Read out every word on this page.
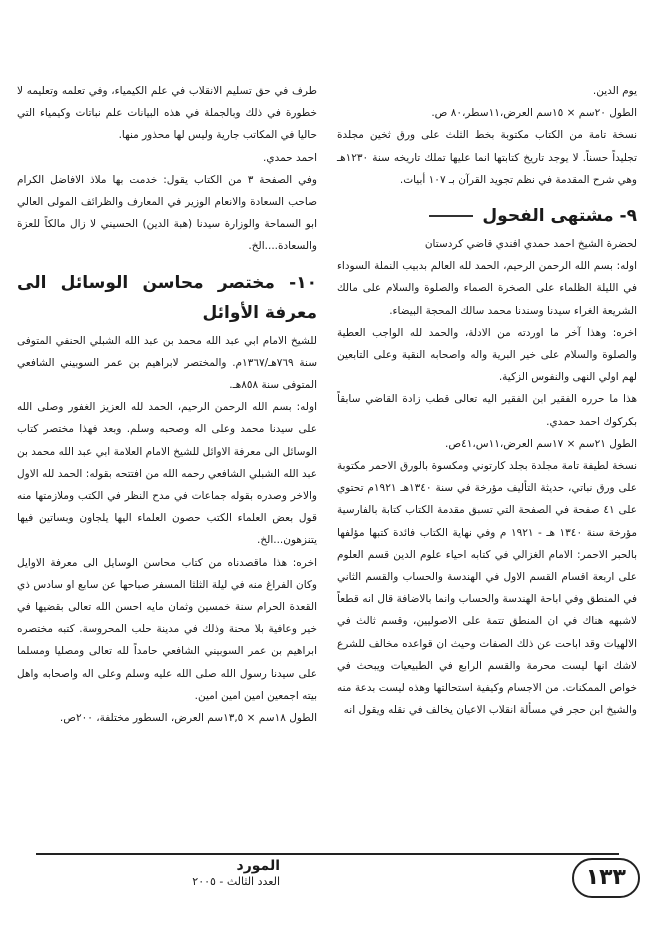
يوم الدين.

الطول ٢٠سم × ١٥سم العرض،١١سطر،٨٠ ص.

نسخة تامة من الكتاب مكتوبة بخط الثلث على ورق ثخين مجلدة تجليداً حسناً. لا يوجد تاريخ كتابتها انما عليها تملك تاريخه سنة ١٢٣٠هـ وهي شرح المقدمة في نظم تجويد القرآن بـ ١٠٧ أبيات.

٩- مشتهى الفحول

لحضرة الشيخ احمد حمدي افندي قاضي كردستان

اوله: بسم الله الرحمن الرحيم، الحمد لله العالم بدبيب النملة السوداء في الليلة الظلماء على الصخرة الصماء والصلوة والسلام على مالك الشريعة الغراء سيدنا وسندنا محمد سالك المحجة البيضاء.

اخره: وهذا آخر ما اوردته من الادلة، والحمد لله الواجب العطية والصلوة والسلام على خير البرية واله واصحابه النقية وعلى التابعين لهم اولي النهى والنفوس الزكية.

هذا ما حرره الفقير ابن الفقير اليه تعالى قطب زادة القاضي سابقاً بكركوك احمد حمدي.

الطول ٢١سم × ١٧سم العرض،١١س،٤١ص.

نسخة لطيفة تامة مجلدة بجلد كارتوني ومكسوة بالورق الاحمر مكتوبة على ورق نباتي، حديثة التأليف مؤرخة في سنة ١٣٤٠هـ ١٩٢١م تحتوي على ٤١ صفحة في الصفحة التي تسبق مقدمة الكتاب كتابة بالفارسية مؤرخة سنة ١٣٤٠ هـ - ١٩٢١ م وفي نهاية الكتاب فائدة كتبها مؤلفها بالحبر الاحمر: الامام الغزالي في كتابه احياء علوم الدين قسم العلوم على اربعة اقسام القسم الاول في الهندسة والحساب والقسم الثاني في المنطق وفي اباحة الهندسة والحساب وانما بالاضافة قال انه قطعاً لاشبهه هناك في ان المنطق تتمة على الاصوليين، وقسم ثالث في الالهيات وقد اباحت عن ذلك الصفات وحيث ان قواعده مخالف للشرع لاشك انها ليست محرمة والقسم الرابع في الطبيعيات ويبحث في خواص الممكنات. من الاجسام وكيفية استحالتها وهذه ليست بدعة منه والشيخ ابن حجر في مسألة انقلاب الاعيان يخالف في نقله ويقول انه

طرف في حق تسليم الانقلاب في علم الكيمياء، وفي تعلمه وتعليمه لا خطورة في ذلك وبالجملة في هذه البيانات علم نباتات وكيمياء التي حاليا في المكاتب جارية وليس لها محذور منها.

احمد حمدي.

وفي الصفحة ٣ من الكتاب يقول: خدمت بها ملاذ الافاضل الكرام صاحب السعادة والانعام الوزير في المعارف والظرائف المولى العالي ابو السماحة والوزارة سيدنا (هبة الدين) الحسيني لا زال مالكاً للعزة والسعادة....الخ.

١٠- مختصر محاسن الوسائل الى معرفة الأوائل

للشيخ الامام ابي عبد الله محمد بن عبد الله الشبلي الحنفي المتوفى سنة ٧٦٩هـ/١٣٦٧م. والمختصر لابراهيم بن عمر السوبيني الشافعي المتوفى سنة ٨٥٨هـ.

اوله: بسم الله الرحمن الرحيم، الحمد لله العزيز الغفور وصلى الله على سيدنا محمد وعلى اله وصحبه وسلم. وبعد فهذا مختصر كتاب الوسائل الى معرفة الاوائل للشيخ الامام العلامة ابي عبد الله محمد بن عبد الله الشبلي الشافعي رحمه الله من افتتحه بقوله: الحمد لله الاول والاخر وصدره بقوله جماعات في مدح النظر في الكتب وملازمتها منه قول بعض العلماء الكتب حصون العلماء اليها يلجاون وبساتين فيها يتنزهون...الخ.

اخره: هذا ماقصدناه من كتاب محاسن الوسايل الى معرفة الاوايل وكان الفراغ منه في ليلة الثلثا المسفر صباحها عن سابع او سادس ذي القعدة الحرام سنة خمسين وثمان مايه احسن الله تعالى بقضيها في خير وعافية بلا محنة وذلك في مدينة حلب المحروسة. كتبه مختصره ابراهيم بن عمر السوبيني الشافعي حامداً لله تعالى ومصليا ومسلما على سيدنا رسول الله صلى الله عليه وسلم وعلى اله واصحابه واهل بيته اجمعين امين امين امين.

الطول ١٨سم × ١٣,٥سم العرض، السطور مختلفة، ٢٠٠ص.

١٣٣
المورد
العدد الثالث - ٢٠٠٥
